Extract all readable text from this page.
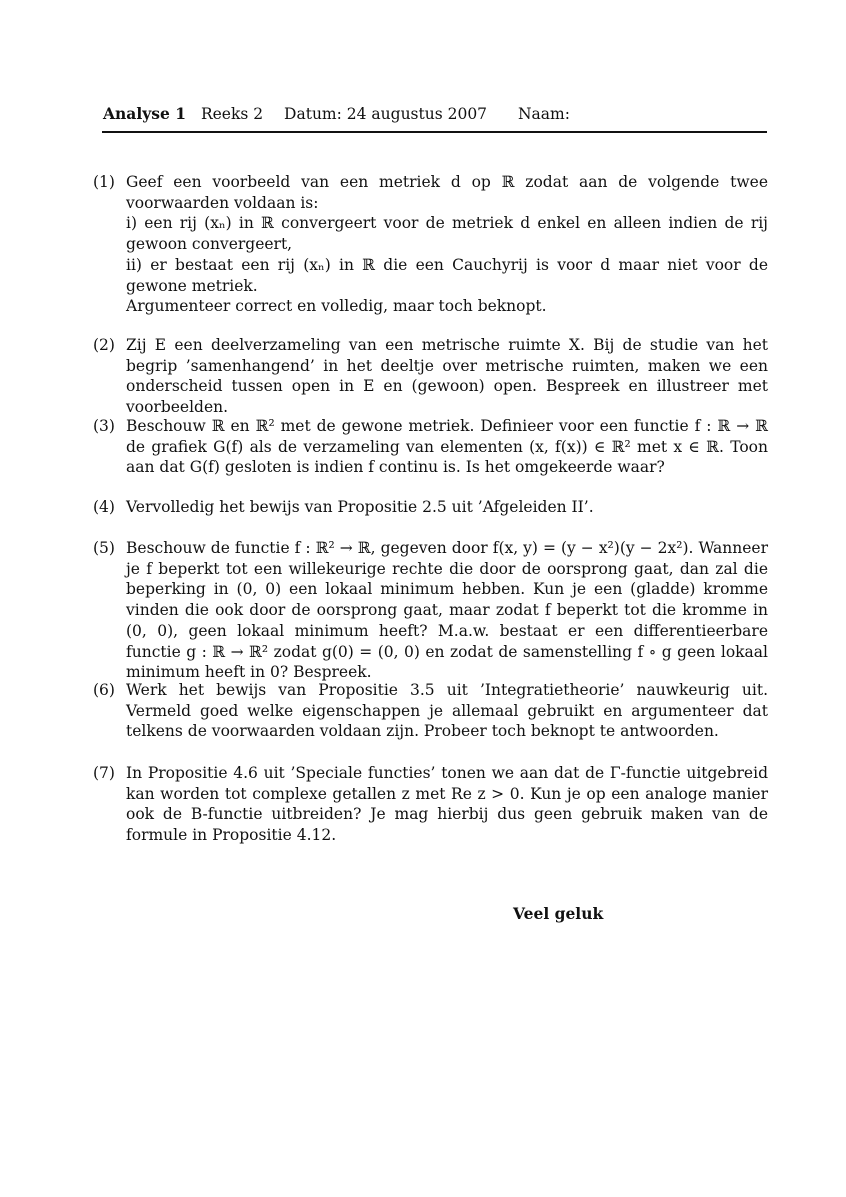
Analyse 1 Reeks 2 Datum: 24 augustus 2007 Naam:
(1) Geef een voorbeeld van een metriek d op ℝ zodat aan de volgende twee voorwaarden voldaan is:

i) een rij (xₙ) in ℝ convergeert voor de metriek d enkel en alleen indien de rij gewoon convergeert,

ii) er bestaat een rij (xₙ) in ℝ die een Cauchyrij is voor d maar niet voor de gewone metriek.

Argumenteer correct en volledig, maar toch beknopt.

(2) Zij E een deelverzameling van een metrische ruimte X. Bij de studie van het begrip ’samenhangend’ in het deeltje over metrische ruimten, maken we een onderscheid tussen open in E en (gewoon) open. Bespreek en illustreer met voorbeelden.

(3) Beschouw ℝ en ℝ² met de gewone metriek. Definieer voor een functie f : ℝ → ℝ de grafiek G(f) als de verzameling van elementen (x, f(x)) ∈ ℝ² met x ∈ ℝ. Toon aan dat G(f) gesloten is indien f continu is. Is het omgekeerde waar?

(4) Vervolledig het bewijs van Propositie 2.5 uit ’Afgeleiden II’.

(5) Beschouw de functie f : ℝ² → ℝ, gegeven door f(x, y) = (y − x²)(y − 2x²). Wanneer je f beperkt tot een willekeurige rechte die door de oorsprong gaat, dan zal die beperking in (0, 0) een lokaal minimum hebben. Kun je een (gladde) kromme vinden die ook door de oorsprong gaat, maar zodat f beperkt tot die kromme in (0, 0), geen lokaal minimum heeft? M.a.w. bestaat er een differentieerbare functie g : ℝ → ℝ² zodat g(0) = (0, 0) en zodat de samenstelling f ∘ g geen lokaal minimum heeft in 0? Bespreek.

(6) Werk het bewijs van Propositie 3.5 uit ’Integratietheorie’ nauwkeurig uit. Vermeld goed welke eigenschappen je allemaal gebruikt en argumenteer dat telkens de voorwaarden voldaan zijn. Probeer toch beknopt te antwoorden.

(7) In Propositie 4.6 uit ’Speciale functies’ tonen we aan dat de Γ-functie uitgebreid kan worden tot complexe getallen z met Re z > 0. Kun je op een analoge manier ook de B-functie uitbreiden? Je mag hierbij dus geen gebruik maken van de formule in Propositie 4.12.

Veel geluk
